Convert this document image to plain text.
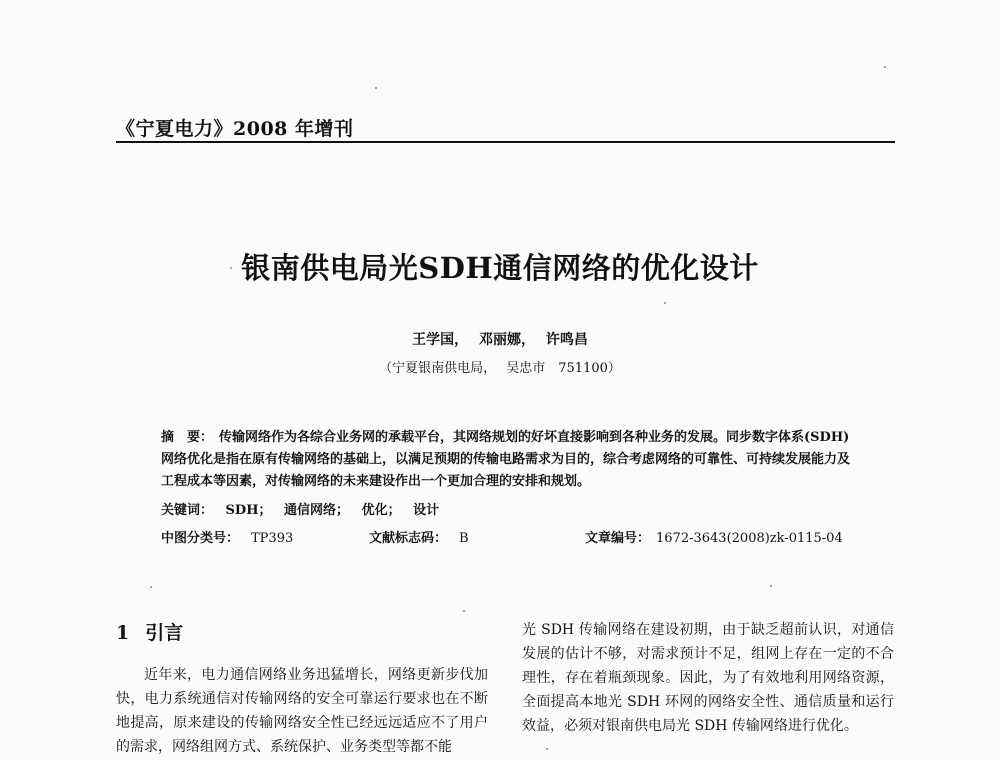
《宁夏电力》2008 年增刊
银南供电局光SDH通信网络的优化设计
王学国， 邓丽娜， 许鸣昌
（宁夏银南供电局， 吴忠市　751100）
摘　要： 传输网络作为各综合业务网的承载平台，其网络规划的好坏直接影响到各种业务的发展。同步数字体系(SDH)网络优化是指在原有传输网络的基础上，以满足预期的传输电路需求为目的，综合考虑网络的可靠性、可持续发展能力及工程成本等因素，对传输网络的未来建设作出一个更加合理的安排和规划。
关键词： SDH； 通信网络； 优化； 设计
中图分类号： TP393	文献标志码： B	文章编号： 1672-3643(2008)zk-0115-04
1 引言
近年来，电力通信网络业务迅猛增长，网络更新步伐加快，电力系统通信对传输网络的安全可靠运行要求也在不断地提高，原来建设的传输网络安全性已经远远适应不了用户的需求，网络组网方式、系统保护、业务类型等都不能
光 SDH 传输网络在建设初期，由于缺乏超前认识，对通信发展的估计不够，对需求预计不足，组网上存在一定的不合理性，存在着瓶颈现象。因此，为了有效地利用网络资源，全面提高本地光 SDH 环网的网络安全性、通信质量和运行效益，必须对银南供电局光 SDH 传输网络进行优化。
